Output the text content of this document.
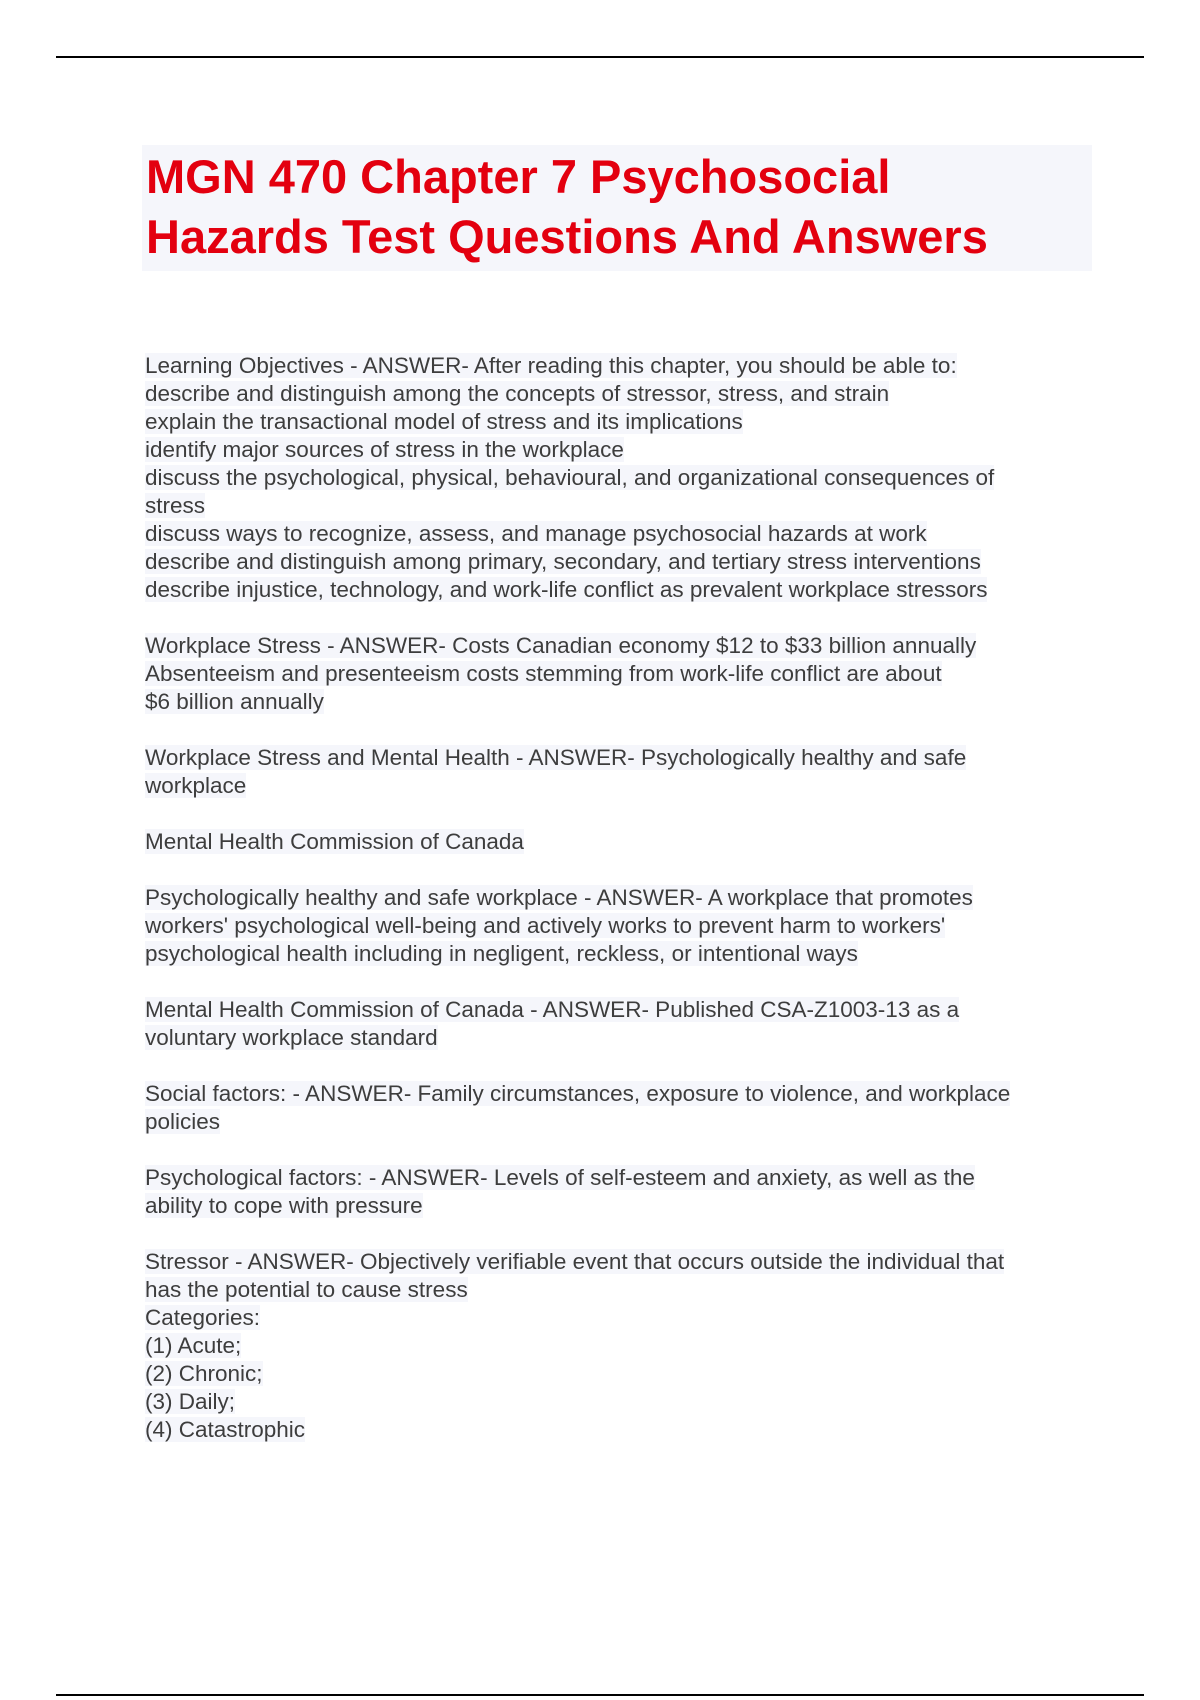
MGN 470 Chapter 7 Psychosocial
Hazards Test Questions And Answers
Learning Objectives - ANSWER- After reading this chapter, you should be able to:
describe and distinguish among the concepts of stressor, stress, and strain
explain the transactional model of stress and its implications
identify major sources of stress in the workplace
discuss the psychological, physical, behavioural, and organizational consequences of
stress
discuss ways to recognize, assess, and manage psychosocial hazards at work
describe and distinguish among primary, secondary, and tertiary stress interventions
describe injustice, technology, and work-life conflict as prevalent workplace stressors
Workplace Stress - ANSWER- Costs Canadian economy $12 to $33 billion annually
Absenteeism and presenteeism costs stemming from work-life conflict are about
$6 billion annually
Workplace Stress and Mental Health - ANSWER- Psychologically healthy and safe
workplace
Mental Health Commission of Canada
Psychologically healthy and safe workplace - ANSWER- A workplace that promotes
workers' psychological well-being and actively works to prevent harm to workers'
psychological health including in negligent, reckless, or intentional ways
Mental Health Commission of Canada - ANSWER- Published CSA-Z1003-13 as a
voluntary workplace standard
Social factors: - ANSWER- Family circumstances, exposure to violence, and workplace
policies
Psychological factors: - ANSWER- Levels of self-esteem and anxiety, as well as the
ability to cope with pressure
Stressor - ANSWER- Objectively verifiable event that occurs outside the individual that
has the potential to cause stress
Categories:
(1) Acute;
(2) Chronic;
(3) Daily;
(4) Catastrophic
